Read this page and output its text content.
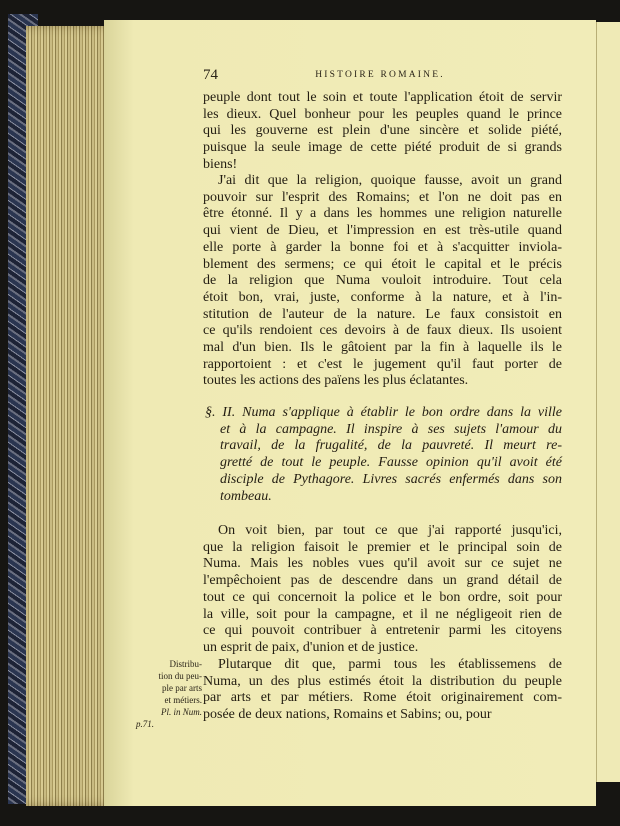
74	HISTOIRE ROMAINE.
peuple dont tout le soin et toute l'application étoit de servir
les dieux. Quel bonheur pour les peuples quand le prince
qui les gouverne est plein d'une sincère et solide piété,
puisque la seule image de cette piété produit de si grands
biens!
J'ai dit que la religion, quoique fausse, avoit un grand
pouvoir sur l'esprit des Romains; et l'on ne doit pas en
être étonné. Il y a dans les hommes une religion naturelle
qui vient de Dieu, et l'impression en est très-utile quand
elle porte à garder la bonne foi et à s'acquitter inviola-
blement des sermens; ce qui étoit le capital et le précis
de la religion que Numa vouloit introduire. Tout cela
étoit bon, vrai, juste, conforme à la nature, et à l'in-
stitution de l'auteur de la nature. Le faux consistoit en
ce qu'ils rendoient ces devoirs à de faux dieux. Ils usoient
mal d'un bien. Ils le gâtoient par la fin à laquelle ils le
rapportoient : et c'est le jugement qu'il faut porter de
toutes les actions des païens les plus éclatantes.
§. II. Numa s'applique à établir le bon ordre dans la ville
et à la campagne. Il inspire à ses sujets l'amour du
travail, de la frugalité, de la pauvreté. Il meurt re-
gretté de tout le peuple. Fausse opinion qu'il avoit été
disciple de Pythagore. Livres sacrés enfermés dans son
tombeau.
On voit bien, par tout ce que j'ai rapporté jusqu'ici,
que la religion faisoit le premier et le principal soin de
Numa. Mais les nobles vues qu'il avoit sur ce sujet ne
l'empêchoient pas de descendre dans un grand détail de
tout ce qui concernoit la police et le bon ordre, soit pour
la ville, soit pour la campagne, et il ne négligeoit rien de
ce qui pouvoit contribuer à entretenir parmi les citoyens
un esprit de paix, d'union et de justice.
Plutarque dit que, parmi tous les établissemens de
Numa, un des plus estimés étoit la distribution du peuple
par arts et par métiers. Rome étoit originairement com-
posée de deux nations, Romains et Sabins; ou, pour
Distribu-
tion du peu-
ple par arts
et métiers.
Pl. in Num.
p.71.
